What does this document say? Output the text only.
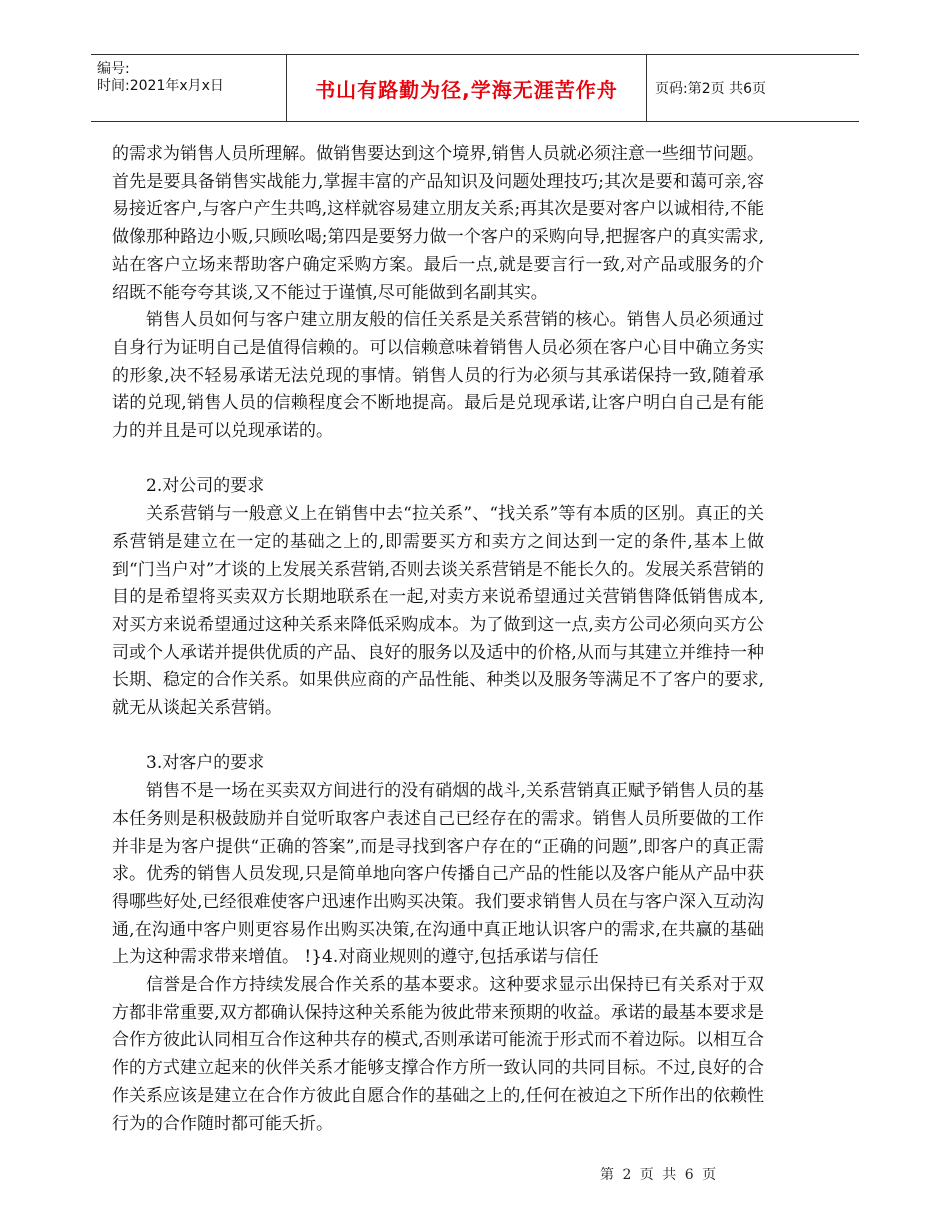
编号:
时间:2021年x月x日	书山有路勤为径,学海无涯苦作舟	页码:第2页 共6页

的需求为销售人员所理解。做销售要达到这个境界,销售人员就必须注意一些细节问题。首先是要具备销售实战能力,掌握丰富的产品知识及问题处理技巧;其次是要和蔼可亲,容易接近客户,与客户产生共鸣,这样就容易建立朋友关系;再其次是要对客户以诚相待,不能做像那种路边小贩,只顾吆喝;第四是要努力做一个客户的采购向导,把握客户的真实需求,站在客户立场来帮助客户确定采购方案。最后一点,就是要言行一致,对产品或服务的介绍既不能夸夸其谈,又不能过于谨慎,尽可能做到名副其实。

销售人员如何与客户建立朋友般的信任关系是关系营销的核心。销售人员必须通过自身行为证明自己是值得信赖的。可以信赖意味着销售人员必须在客户心目中确立务实的形象,决不轻易承诺无法兑现的事情。销售人员的行为必须与其承诺保持一致,随着承诺的兑现,销售人员的信赖程度会不断地提高。最后是兑现承诺,让客户明白自己是有能力的并且是可以兑现承诺的。

2.对公司的要求

关系营销与一般意义上在销售中去“拉关系”、“找关系”等有本质的区别。真正的关系营销是建立在一定的基础之上的,即需要买方和卖方之间达到一定的条件,基本上做到“门当户对”才谈的上发展关系营销,否则去谈关系营销是不能长久的。发展关系营销的目的是希望将买卖双方长期地联系在一起,对卖方来说希望通过关营销售降低销售成本,对买方来说希望通过这种关系来降低采购成本。为了做到这一点,卖方公司必须向买方公司或个人承诺并提供优质的产品、良好的服务以及适中的价格,从而与其建立并维持一种长期、稳定的合作关系。如果供应商的产品性能、种类以及服务等满足不了客户的要求,就无从谈起关系营销。

3.对客户的要求

销售不是一场在买卖双方间进行的没有硝烟的战斗,关系营销真正赋予销售人员的基本任务则是积极鼓励并自觉听取客户表述自己已经存在的需求。销售人员所要做的工作并非是为客户提供“正确的答案”,而是寻找到客户存在的“正确的问题”,即客户的真正需求。优秀的销售人员发现,只是简单地向客户传播自己产品的性能以及客户能从产品中获得哪些好处,已经很难使客户迅速作出购买决策。我们要求销售人员在与客户深入互动沟通,在沟通中客户则更容易作出购买决策,在沟通中真正地认识客户的需求,在共赢的基础上为这种需求带来增值。 !}4.对商业规则的遵守,包括承诺与信任

信誉是合作方持续发展合作关系的基本要求。这种要求显示出保持已有关系对于双方都非常重要,双方都确认保持这种关系能为彼此带来预期的收益。承诺的最基本要求是合作方彼此认同相互合作这种共存的模式,否则承诺可能流于形式而不着边际。以相互合作的方式建立起来的伙伴关系才能够支撑合作方所一致认同的共同目标。不过,良好的合作关系应该是建立在合作方彼此自愿合作的基础之上的,任何在被迫之下所作出的依赖性行为的合作随时都可能夭折。

第 2 页 共 6 页
